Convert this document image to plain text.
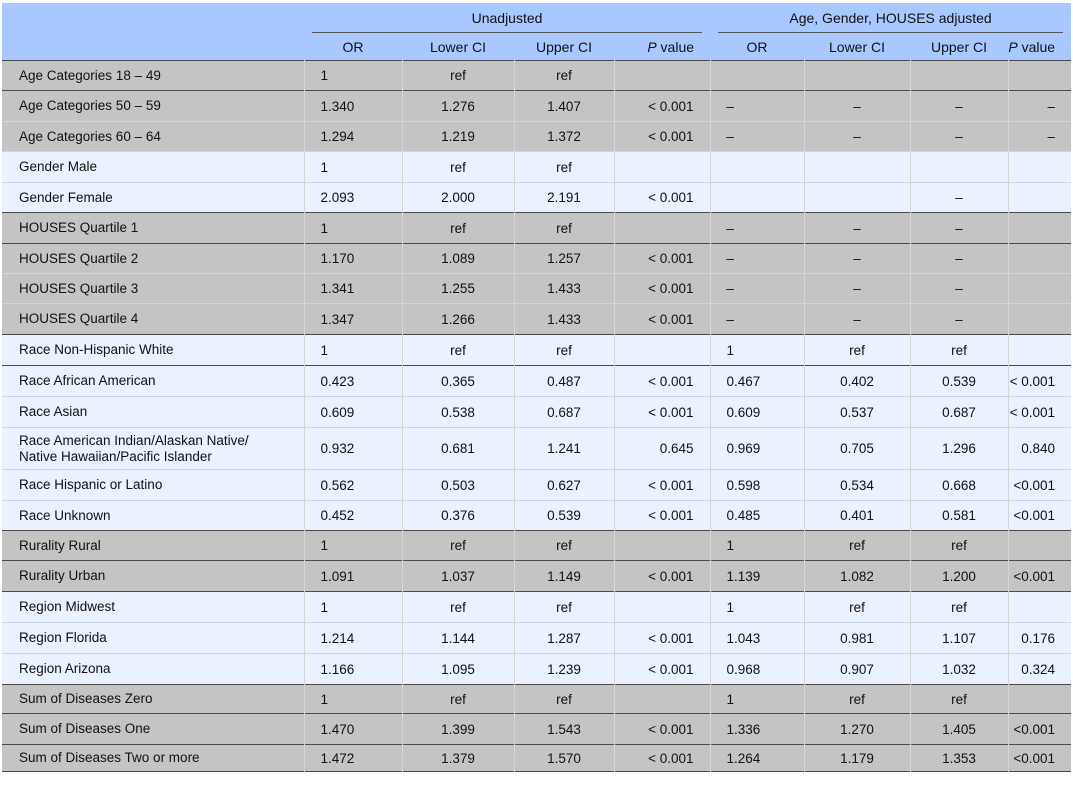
	Unadjusted				Age, Gender, HOUSES adjusted			

	OR	Lower CI	Upper CI	P value	OR	Lower CI	Upper CI	P value

Age Categories 18 – 49	1	ref	ref					

Age Categories 50 – 59	1.340	1.276	1.407	< 0.001	–	–	–	–

Age Categories 60 – 64	1.294	1.219	1.372	< 0.001	–	–	–	–

Gender Male	1	ref	ref					

Gender Female	2.093	2.000	2.191	< 0.001			–	

HOUSES Quartile 1	1	ref	ref		–	–	–	

HOUSES Quartile 2	1.170	1.089	1.257	< 0.001	–	–	–	

HOUSES Quartile 3	1.341	1.255	1.433	< 0.001	–	–	–	

HOUSES Quartile 4	1.347	1.266	1.433	< 0.001	–	–	–	

Race Non-Hispanic White	1	ref	ref		1	ref	ref	

Race African American	0.423	0.365	0.487	< 0.001	0.467	0.402	0.539	< 0.001

Race Asian	0.609	0.538	0.687	< 0.001	0.609	0.537	0.687	< 0.001

Race American Indian/Alaskan Native/
Native Hawaiian/Pacific Islander	0.932	0.681	1.241	0.645	0.969	0.705	1.296	0.840

Race Hispanic or Latino	0.562	0.503	0.627	< 0.001	0.598	0.534	0.668	<0.001

Race Unknown	0.452	0.376	0.539	< 0.001	0.485	0.401	0.581	<0.001

Rurality Rural	1	ref	ref		1	ref	ref	

Rurality Urban	1.091	1.037	1.149	< 0.001	1.139	1.082	1.200	<0.001

Region Midwest	1	ref	ref		1	ref	ref	

Region Florida	1.214	1.144	1.287	< 0.001	1.043	0.981	1.107	0.176

Region Arizona	1.166	1.095	1.239	< 0.001	0.968	0.907	1.032	0.324

Sum of Diseases Zero	1	ref	ref		1	ref	ref	

Sum of Diseases One	1.470	1.399	1.543	< 0.001	1.336	1.270	1.405	<0.001

Sum of Diseases Two or more	1.472	1.379	1.570	< 0.001	1.264	1.179	1.353	<0.001
